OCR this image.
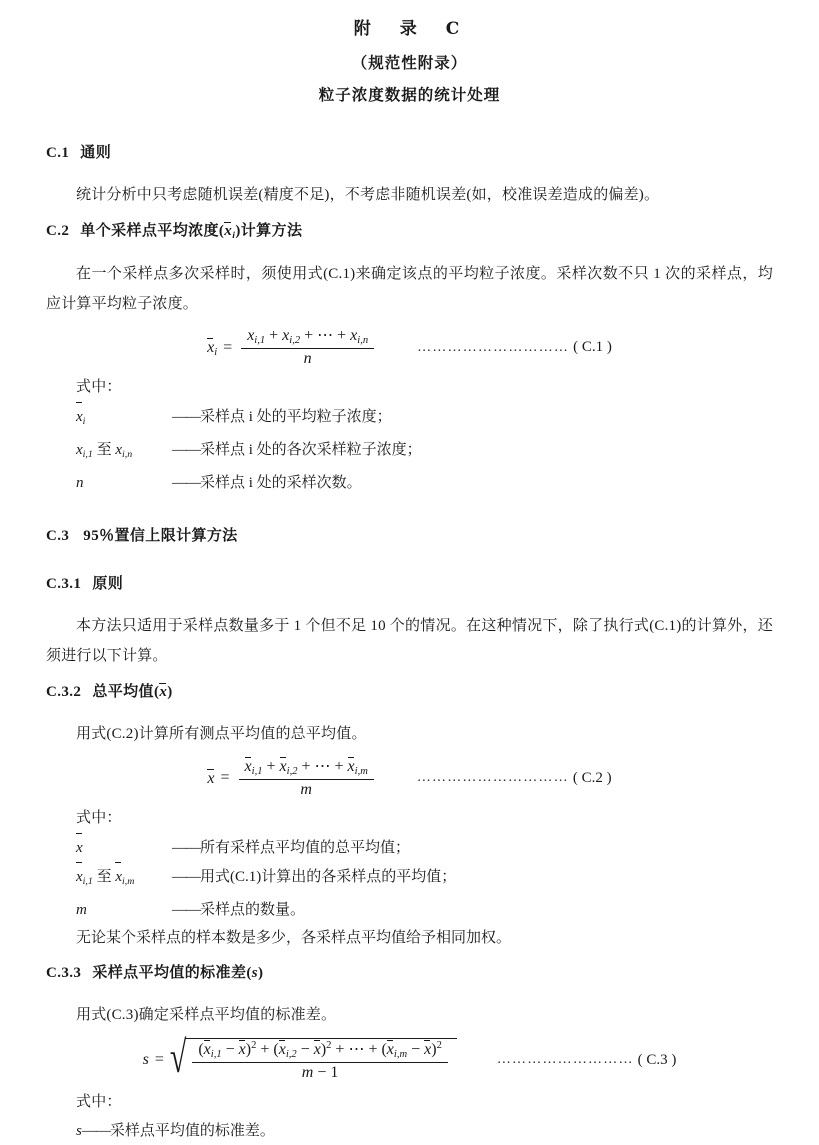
附　录　C
（规范性附录）
粒子浓度数据的统计处理
C.1 通则

统计分析中只考虑随机误差(精度不足)，不考虑非随机误差(如，校准误差造成的偏差)。

C.2 单个采样点平均浓度$(x_i)$计算方法

在一个采样点多次采样时，须使用式(C.1)来确定该点的平均粒子浓度。采样次数不只 1 次的采样点，均应计算平均粒子浓度。

$x_i = \frac{x_{i,1} + x_{i,2} + \cdots + x_{i,n}}{n}$	………………………… ( C.1 )
式中：
$x_i$	—— 采样点 i 处的平均粒子浓度；
$x_{i,1}$ 至 $x_{i,n}$	—— 采样点 i 处的各次采样粒子浓度；
n	—— 采样点 i 处的采样次数。
C.3 95％置信上限计算方法
C.3.1 原则

本方法只适用于采样点数量多于 1 个但不足 10 个的情况。在这种情况下，除了执行式(C.1)的计算外，还须进行以下计算。

C.3.2 总平均值(x)

用式(C.2)计算所有测点平均值的总平均值。

$x = \frac{x_{i,1} + x_{i,2} + \cdots + x_{i,m}}{m}$	………………………… ( C.2 )
式中：
x	—— 所有采样点平均值的总平均值；
$x_{i,1}$ 至 $x_{i,m}$	—— 用式(C.1)计算出的各采样点的平均值；
m	—— 采样点的数量。
无论某个采样点的样本数是多少，各采样点平均值给予相同加权。
C.3.3 采样点平均值的标准差(s)

用式(C.3)确定采样点平均值的标准差。

s = √ $\frac{(x_{i,1} - x)^2 + (x_{i,2} - x)^2 + \cdots + (x_{i,m} - x)^2}{m - 1}$	……………………… ( C.3 )
式中：
s —— 采样点平均值的标准差。
